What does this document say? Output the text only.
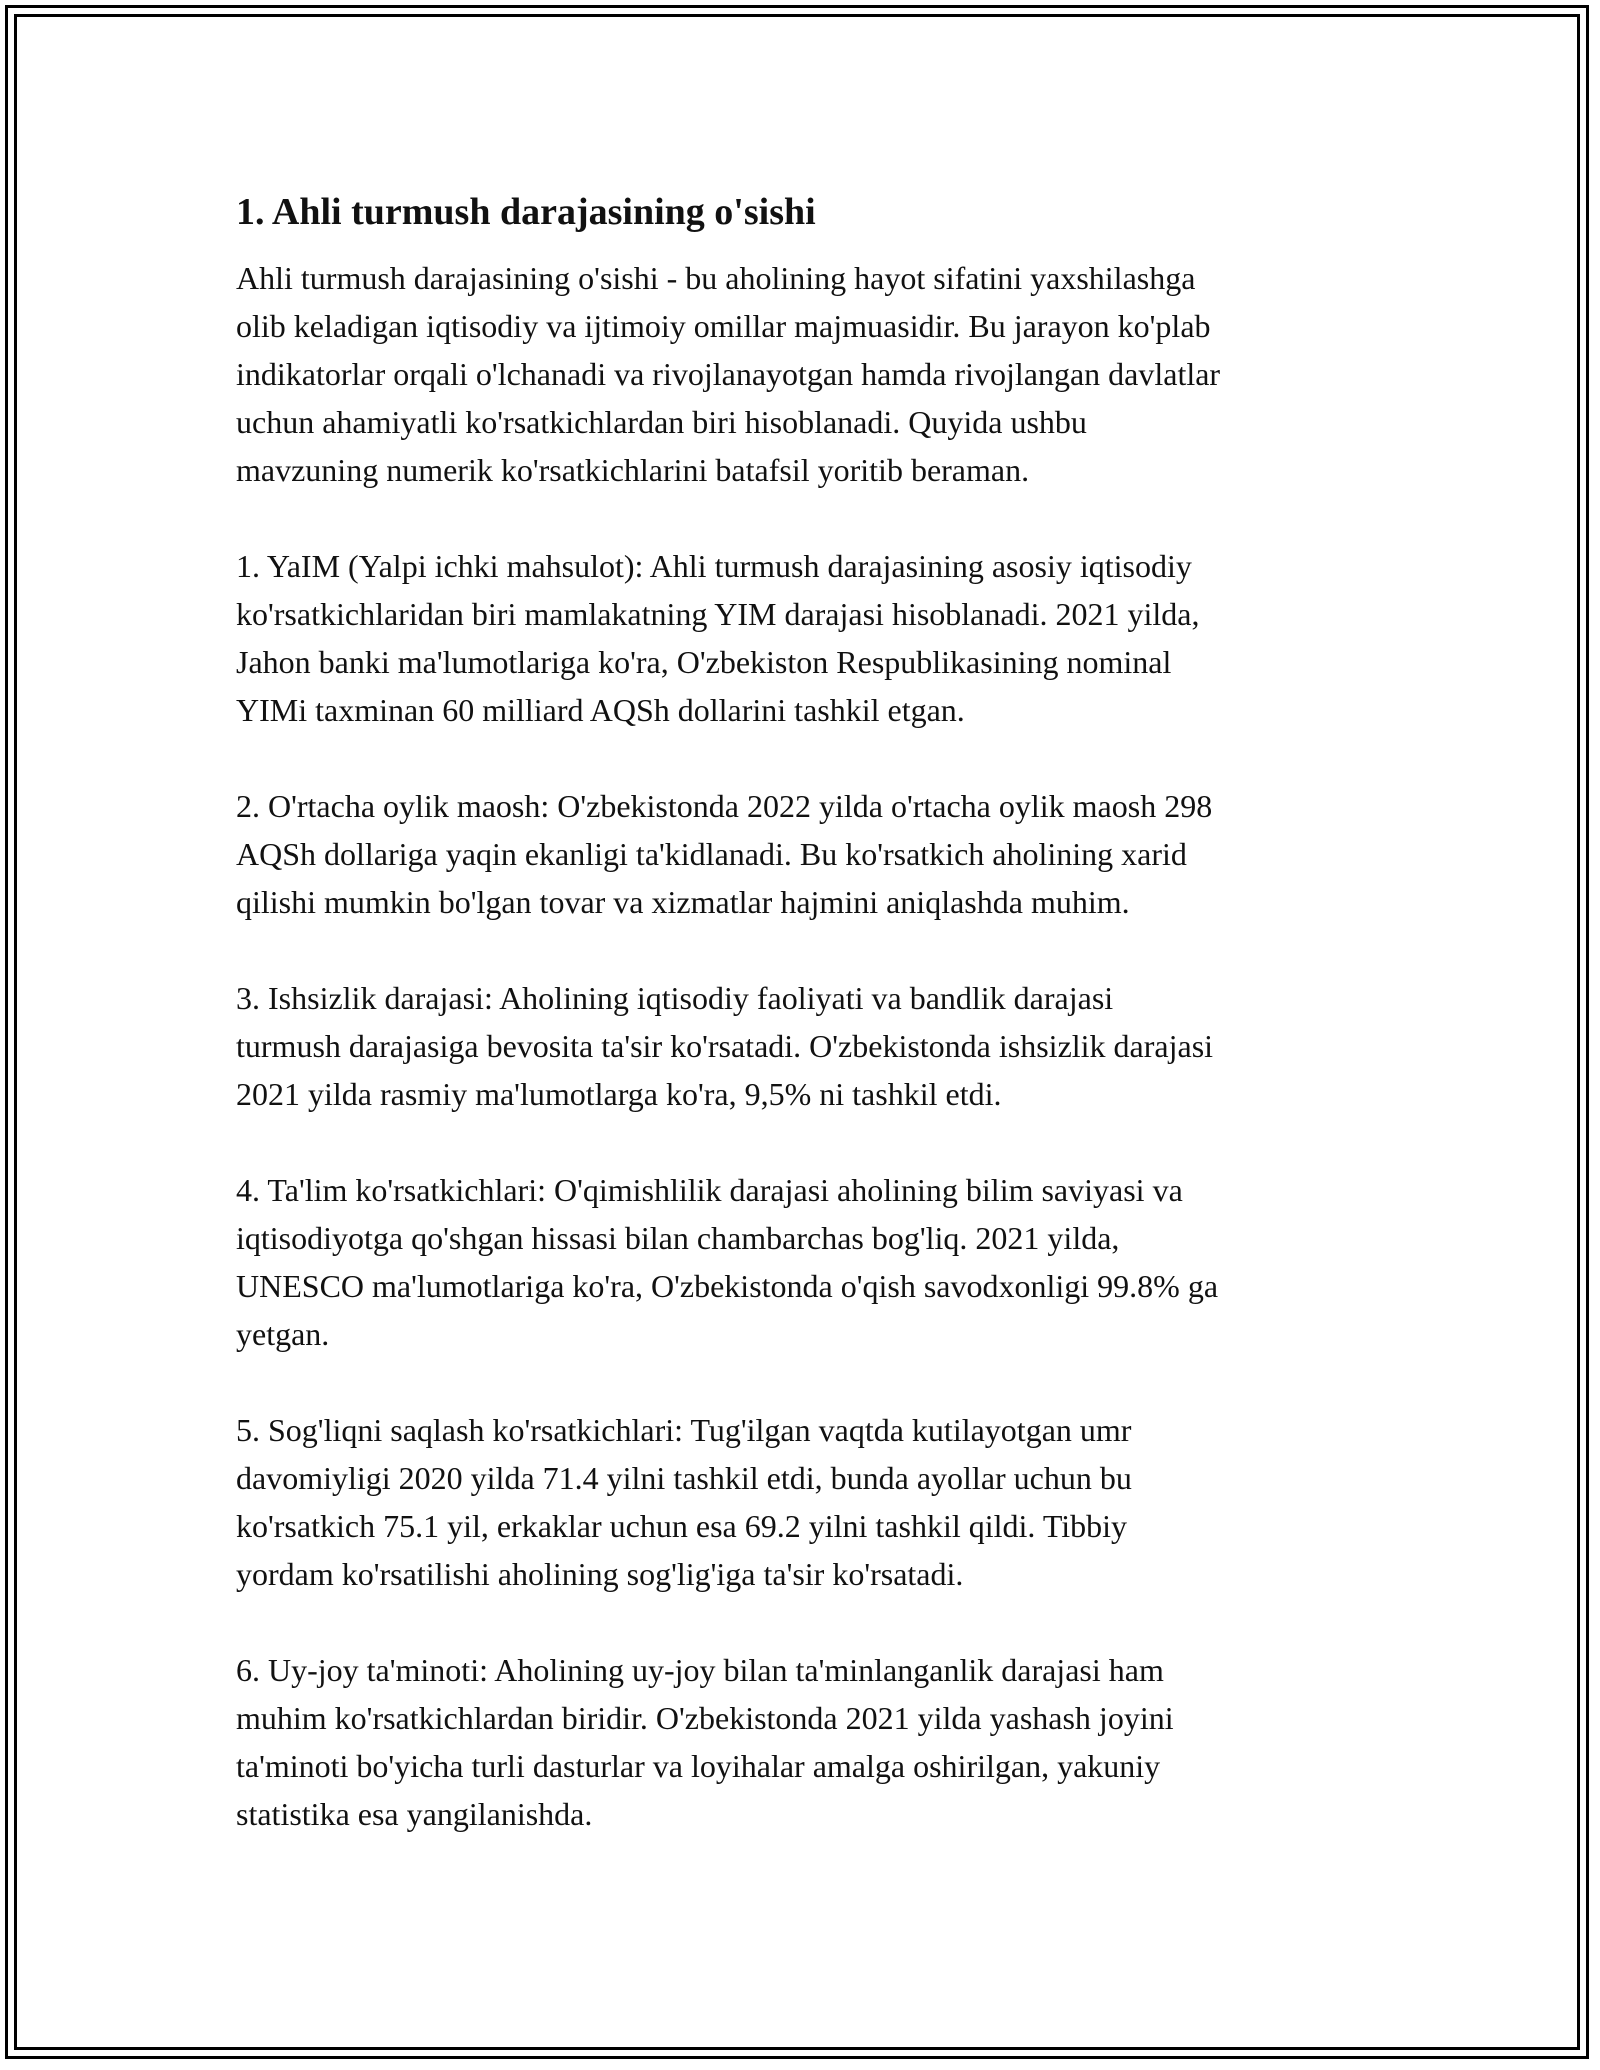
1. Ahli turmush darajasining o'sishi

Ahli turmush darajasining o'sishi - bu aholining hayot sifatini yaxshilashga
olib keladigan iqtisodiy va ijtimoiy omillar majmuasidir. Bu jarayon ko'plab
indikatorlar orqali o'lchanadi va rivojlanayotgan hamda rivojlangan davlatlar
uchun ahamiyatli ko'rsatkichlardan biri hisoblanadi. Quyida ushbu
mavzuning numerik ko'rsatkichlarini batafsil yoritib beraman.

1. YaIM (Yalpi ichki mahsulot): Ahli turmush darajasining asosiy iqtisodiy
ko'rsatkichlaridan biri mamlakatning YIM darajasi hisoblanadi. 2021 yilda,
Jahon banki ma'lumotlariga ko'ra, O'zbekiston Respublikasining nominal
YIMi taxminan 60 milliard AQSh dollarini tashkil etgan.

2. O'rtacha oylik maosh: O'zbekistonda 2022 yilda o'rtacha oylik maosh 298
AQSh dollariga yaqin ekanligi ta'kidlanadi. Bu ko'rsatkich aholining xarid
qilishi mumkin bo'lgan tovar va xizmatlar hajmini aniqlashda muhim.

3. Ishsizlik darajasi: Aholining iqtisodiy faoliyati va bandlik darajasi
turmush darajasiga bevosita ta'sir ko'rsatadi. O'zbekistonda ishsizlik darajasi
2021 yilda rasmiy ma'lumotlarga ko'ra, 9,5% ni tashkil etdi.

4. Ta'lim ko'rsatkichlari: O'qimishlilik darajasi aholining bilim saviyasi va
iqtisodiyotga qo'shgan hissasi bilan chambarchas bog'liq. 2021 yilda,
UNESCO ma'lumotlariga ko'ra, O'zbekistonda o'qish savodxonligi 99.8% ga
yetgan.

5. Sog'liqni saqlash ko'rsatkichlari: Tug'ilgan vaqtda kutilayotgan umr
davomiyligi 2020 yilda 71.4 yilni tashkil etdi, bunda ayollar uchun bu
ko'rsatkich 75.1 yil, erkaklar uchun esa 69.2 yilni tashkil qildi. Tibbiy
yordam ko'rsatilishi aholining sog'lig'iga ta'sir ko'rsatadi.

6. Uy-joy ta'minoti: Aholining uy-joy bilan ta'minlanganlik darajasi ham
muhim ko'rsatkichlardan biridir. O'zbekistonda 2021 yilda yashash joyini
ta'minoti bo'yicha turli dasturlar va loyihalar amalga oshirilgan, yakuniy
statistika esa yangilanishda.
